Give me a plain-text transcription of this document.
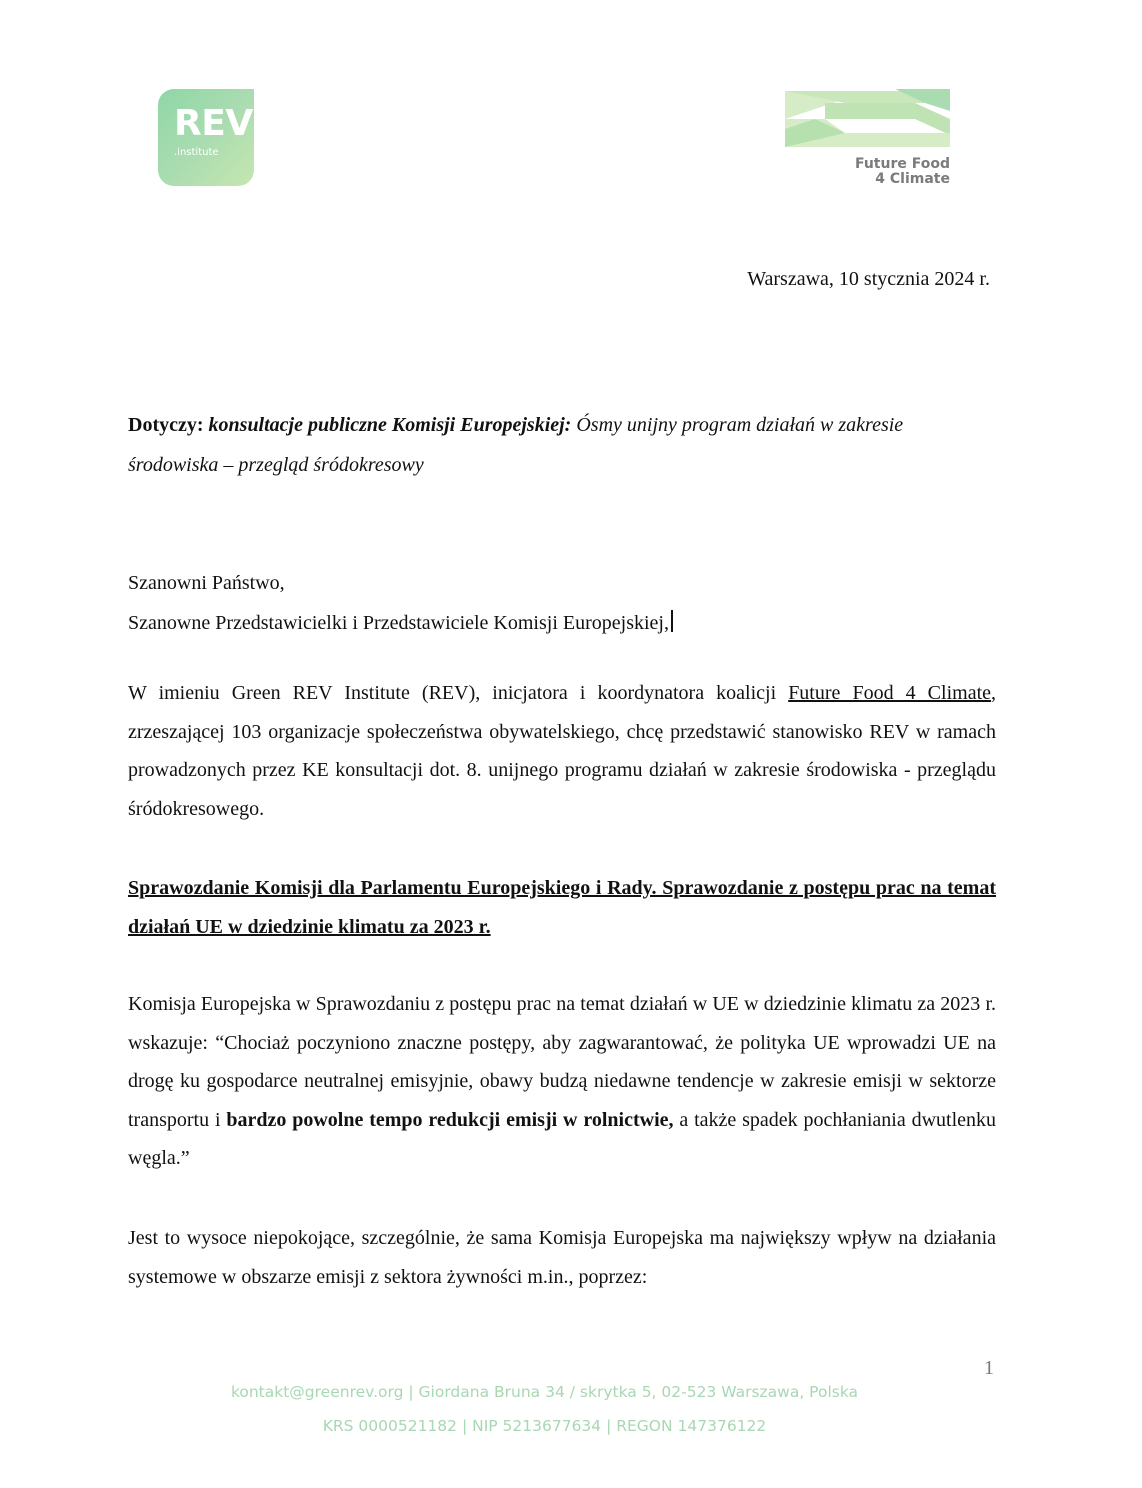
REV
.institute
Future Food
4 Climate
Warszawa, 10 stycznia 2024 r.
Dotyczy: konsultacje publiczne Komisji Europejskiej: Ósmy unijny program działań w zakresie środowiska – przegląd śródokresowy
Szanowni Państwo,
Szanowne Przedstawicielki i Przedstawiciele Komisji Europejskiej,
W imieniu Green REV Institute (REV), inicjatora i koordynatora koalicji Future Food 4 Climate, zrzeszającej 103 organizacje społeczeństwa obywatelskiego, chcę przedstawić stanowisko REV w ramach prowadzonych przez KE konsultacji dot. 8. unijnego programu działań w zakresie środowiska - przeglądu śródokresowego.
Sprawozdanie Komisji dla Parlamentu Europejskiego i Rady. Sprawozdanie z postępu prac na temat działań UE w dziedzinie klimatu za 2023 r.
Komisja Europejska w Sprawozdaniu z postępu prac na temat działań w UE w dziedzinie klimatu za 2023 r. wskazuje: “Chociaż poczyniono znaczne postępy, aby zagwarantować, że polityka UE wprowadzi UE na drogę ku gospodarce neutralnej emisyjnie, obawy budzą niedawne tendencje w zakresie emisji w sektorze transportu i bardzo powolne tempo redukcji emisji w rolnictwie, a także spadek pochłaniania dwutlenku węgla.”
Jest to wysoce niepokojące, szczególnie, że sama Komisja Europejska ma największy wpływ na działania systemowe w obszarze emisji z sektora żywności m.in., poprzez:
1
kontakt@greenrev.org | Giordana Bruna 34 / skrytka 5, 02-523 Warszawa, Polska
KRS 0000521182 | NIP 5213677634 | REGON 147376122
